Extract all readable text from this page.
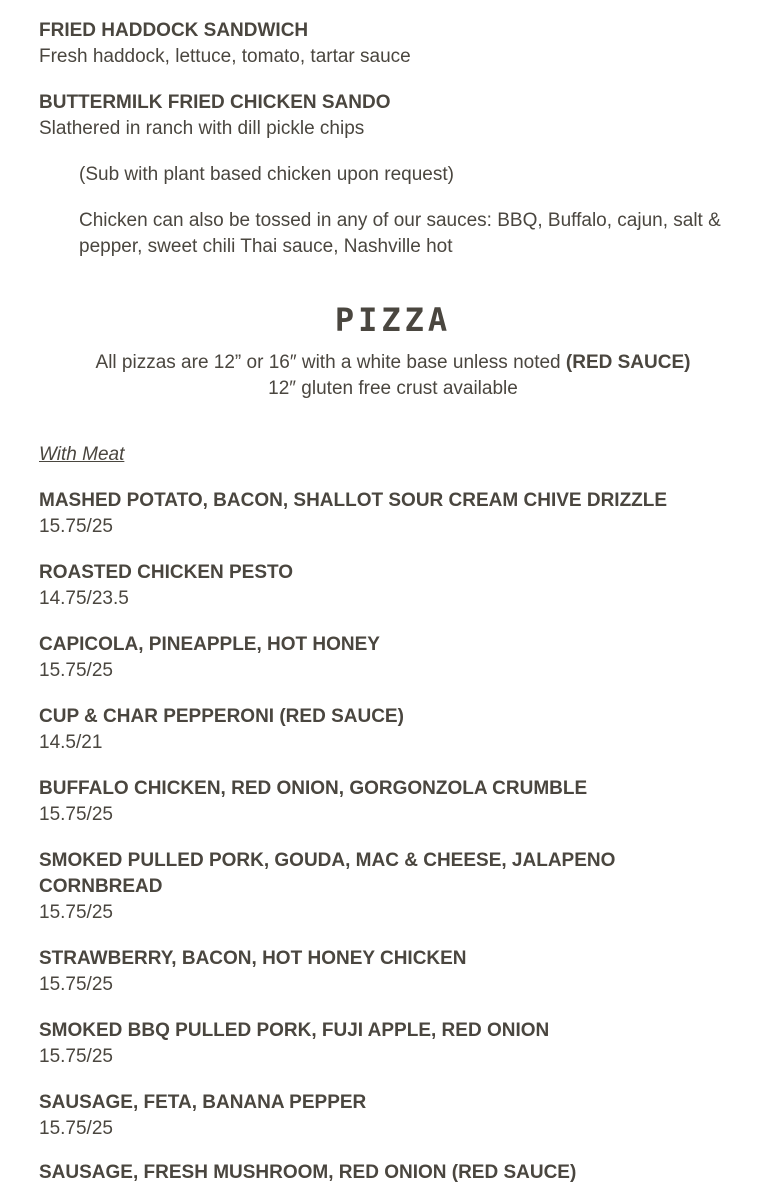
FRIED HADDOCK SANDWICH
Fresh haddock, lettuce, tomato, tartar sauce
BUTTERMILK FRIED CHICKEN SANDO
Slathered in ranch with dill pickle chips
(Sub with plant based chicken upon request)
Chicken can also be tossed in any of our sauces: BBQ, Buffalo, cajun, salt & pepper, sweet chili Thai sauce, Nashville hot
PIZZA
All pizzas are 12” or 16″ with a white base unless noted (RED SAUCE)
12″ gluten free crust available
With Meat
MASHED POTATO, BACON, SHALLOT SOUR CREAM CHIVE DRIZZLE
15.75/25
ROASTED CHICKEN PESTO
14.75/23.5
CAPICOLA, PINEAPPLE, HOT HONEY
15.75/25
CUP & CHAR PEPPERONI (RED SAUCE)
14.5/21
BUFFALO CHICKEN, RED ONION, GORGONZOLA CRUMBLE
15.75/25
SMOKED PULLED PORK, GOUDA, MAC & CHEESE, JALAPENO CORNBREAD
15.75/25
STRAWBERRY, BACON, HOT HONEY CHICKEN
15.75/25
SMOKED BBQ PULLED PORK, FUJI APPLE, RED ONION
15.75/25
SAUSAGE, FETA, BANANA PEPPER
15.75/25
SAUSAGE, FRESH MUSHROOM, RED ONION (RED SAUCE)
